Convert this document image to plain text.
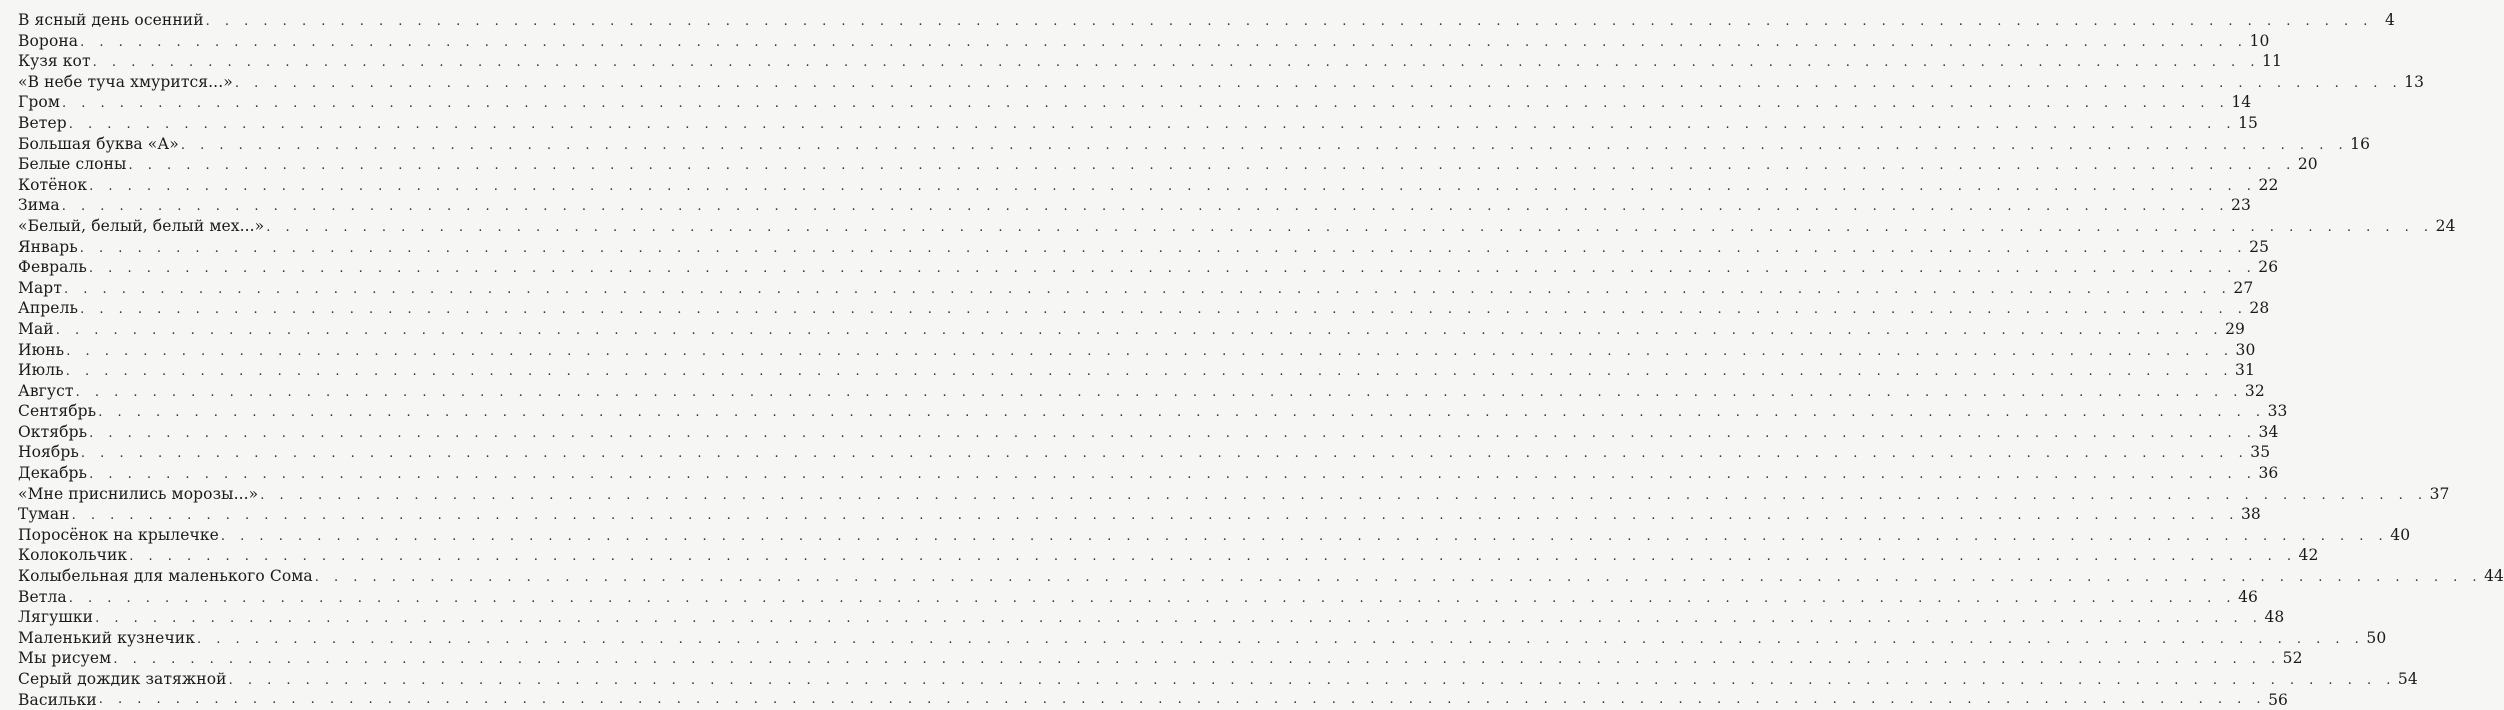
В ясный день осенний . . .	4
Ворона . . .	10
Кузя кот . . .	11
«В небе туча хмурится...» . . .	13
Гром . . .	14
Ветер . . .	15
Большая буква «А» . . .	16
Белые слоны . . .	20
Котёнок . . .	22
Зима . . .	23
«Белый, белый, белый мех...» . . .	24
Январь . . .	25
Февраль . . .	26
Март . . .	27
Апрель . . .	28
Май . . .	29
Июнь . . .	30
Июль . . .	31
Август . . .	32
Сентябрь . . .	33
Октябрь . . .	34
Ноябрь . . .	35
Декабрь . . .	36
«Мне приснились морозы...» . . .	37
Туман . . .	38
Поросёнок на крылечке . . .	40
Колокольчик . . .	42
Колыбельная для маленького Сома . . .	44
Ветла . . .	46
Лягушки . . .	48
Маленький кузнечик . . .	50
Мы рисуем . . .	52
Серый дождик затяжной . . .	54
Васильки . . .	56
